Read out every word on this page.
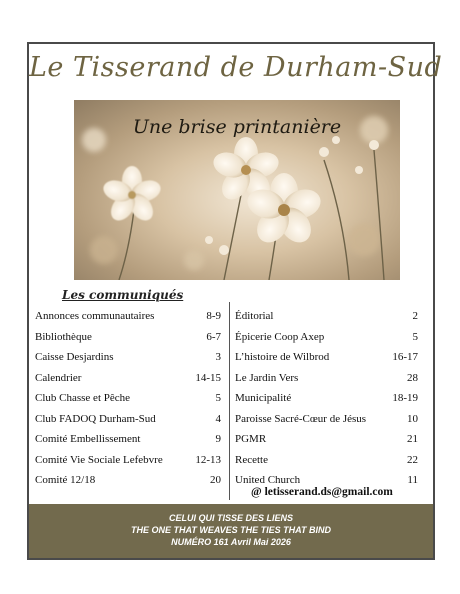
Le Tisserand de Durham-Sud
Une brise printanière
Les communiqués
Annonces communautaires	8-9
Bibliothèque	6-7
Caisse Desjardins	3
Calendrier	14-15
Club Chasse et Pêche	5
Club FADOQ Durham-Sud	4
Comité Embellissement	9
Comité Vie Sociale Lefebvre	12-13
Comité 12/18	20
Éditorial	2
Épicerie Coop Axep	5
L’histoire de Wilbrod	16-17
Le Jardin Vers	28
Municipalité	18-19
Paroisse Sacré-Cœur de Jésus	10
PGMR	21
Recette	22
United Church	11
@ letisserand.ds@gmail.com
CELUI QUI TISSE DES LIENS
THE ONE THAT WEAVES THE TIES THAT BIND
NUMÉRO 161 Avril Mai 2026
